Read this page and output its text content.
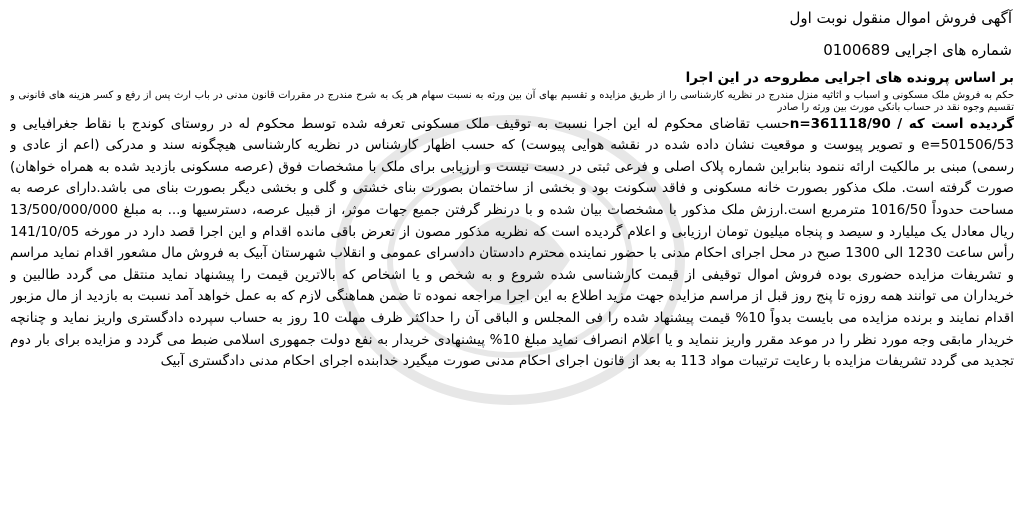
آگهی فروش اموال منقول نوبت اول
شماره های اجرایی 0100689
بر اساس پرونده های اجرایی مطروحه در این اجرا
حکم به فروش ملک مسکونی و اسباب و اثاثیه منزل مندرج در نظریه کارشناسی را از طریق مزایده و تقسیم بهای آن بین ورثه به نسبت سهام هر یک به شرح مندرج در مقررات قانون مدنی در باب ارث پس از رفع و کسر هزینه های قانونی و تقسیم وجوه نقد در حساب بانکی مورث بین ورثه را صادر

گردیده است که / 361118/90=nحسب تقاضای محکوم له این اجرا نسبت به توقیف ملک مسکونی تعرفه شده توسط محکوم له در روستای کوندج با نقاط جغرافیایی و e=501506/53 و تصویر پیوست و موقعیت نشان داده شده در نقشه هوایی پیوست) که حسب اظهار کارشناس در نظریه کارشناسی هیچگونه سند و مدرکی (اعم از عادی و رسمی) مبنی بر مالکیت ارائه ننمود بنابراین شماره پلاک اصلی و فرعی ثبتی در دست نیست و ارزیابی برای ملک با مشخصات فوق (عرصه مسکونی بازدید شده به همراه خواهان) صورت گرفته است. ملک مذکور بصورت خانه مسکونی و فاقد سکونت بود و بخشی از ساختمان بصورت بنای خشتی و گلی و بخشی دیگر بصورت بنای می باشد.دارای عرصه به مساحت حدوداً 1016/50 مترمربع است.ارزش ملک مذکور با مشخصات بیان شده و با درنظر گرفتن جمیع جهات موثر، از قبیل عرصه، دسترسیها و... به مبلغ 13/500/000/000 ریال معادل یک میلیارد و سیصد و پنجاه میلیون تومان ارزیابی و اعلام گردیده است که نظریه مذکور مصون از تعرض باقی مانده اقدام و این اجرا قصد دارد در مورخه 141/10/05 رأس ساعت 1230 الی 1300 صبح در محل اجرای احکام مدنی با حضور نماینده محترم دادستان دادسرای عمومی و انقلاب شهرستان آبیک به فروش مال مشعور اقدام نماید مراسم و تشریفات مزایده حضوری بوده فروش اموال توقیفی از قیمت کارشناسی شده شروع و به شخص و یا اشخاص که بالاترین قیمت را پیشنهاد نماید منتقل می گردد طالبین و خریداران می توانند همه روزه تا پنج روز قبل از مراسم مزایده جهت مزید اطلاع به این اجرا مراجعه نموده تا ضمن هماهنگی لازم که به عمل خواهد آمد نسبت به بازدید از مال مزبور اقدام نمایند و برنده مزایده می بایست بدواً 10% قیمت پیشنهاد شده را فی المجلس و الباقی آن را حداکثر ظرف مهلت 10 روز به حساب سپرده دادگستری واریز نماید و چنانچه خریدار مابقی وجه مورد نظر را در موعد مقرر واریز ننماید و یا اعلام انصراف نماید مبلغ 10% پیشنهادی خریدار به نفع دولت جمهوری اسلامی ضبط می گردد و مزایده برای بار دوم تجدید می گردد تشریفات مزایده با رعایت ترتیبات مواد 113 به بعد از قانون اجرای احکام مدنی صورت میگیرد خدابنده اجرای احکام مدنی دادگستری آبیک
